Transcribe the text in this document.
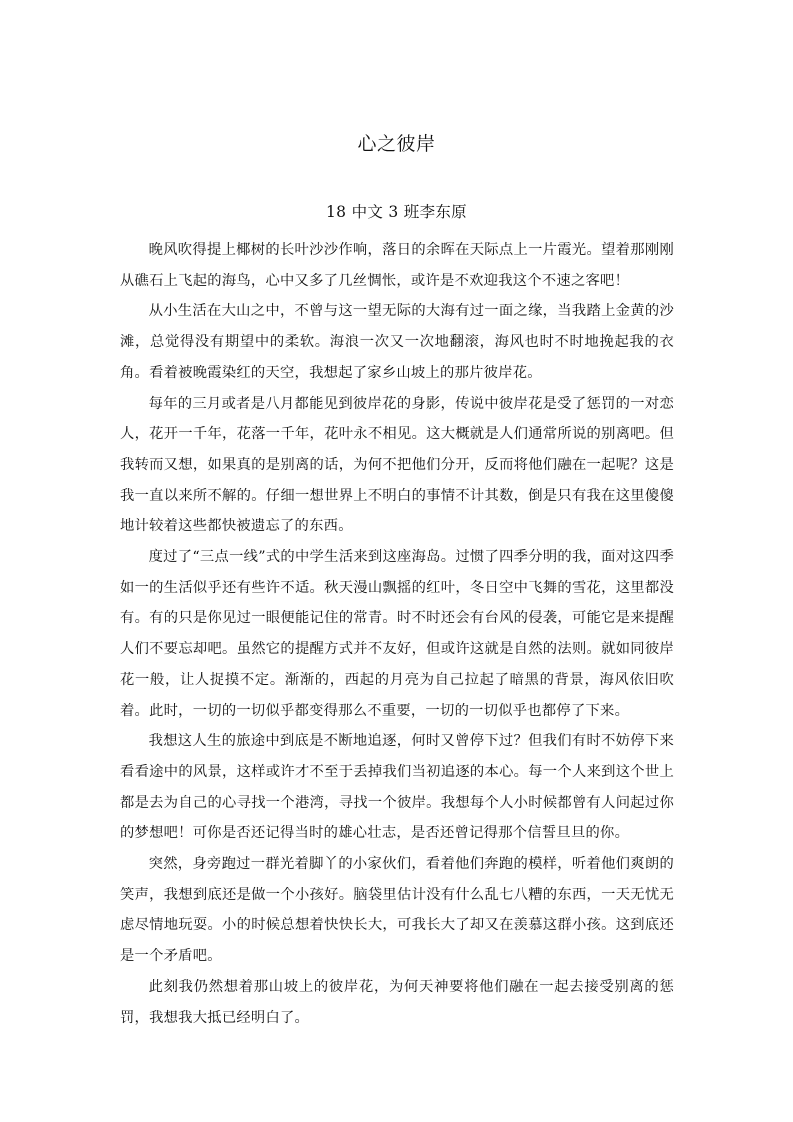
心之彼岸
18 中文 3 班李东原

晚风吹得提上椰树的长叶沙沙作响，落日的余晖在天际点上一片霞光。望着那刚刚从礁石上飞起的海鸟，心中又多了几丝惆怅，或许是不欢迎我这个不速之客吧！

从小生活在大山之中，不曾与这一望无际的大海有过一面之缘，当我踏上金黄的沙滩，总觉得没有期望中的柔软。海浪一次又一次地翻滚，海风也时不时地挽起我的衣角。看着被晚霞染红的天空，我想起了家乡山坡上的那片彼岸花。

每年的三月或者是八月都能见到彼岸花的身影，传说中彼岸花是受了惩罚的一对恋人，花开一千年，花落一千年，花叶永不相见。这大概就是人们通常所说的别离吧。但我转而又想，如果真的是别离的话，为何不把他们分开，反而将他们融在一起呢？这是我一直以来所不解的。仔细一想世界上不明白的事情不计其数，倒是只有我在这里傻傻地计较着这些都快被遗忘了的东西。

度过了“三点一线”式的中学生活来到这座海岛。过惯了四季分明的我，面对这四季如一的生活似乎还有些许不适。秋天漫山飘摇的红叶，冬日空中飞舞的雪花，这里都没有。有的只是你见过一眼便能记住的常青。时不时还会有台风的侵袭，可能它是来提醒人们不要忘却吧。虽然它的提醒方式并不友好，但或许这就是自然的法则。就如同彼岸花一般，让人捉摸不定。渐渐的，西起的月亮为自己拉起了暗黑的背景，海风依旧吹着。此时，一切的一切似乎都变得那么不重要，一切的一切似乎也都停了下来。

我想这人生的旅途中到底是不断地追逐，何时又曾停下过？但我们有时不妨停下来看看途中的风景，这样或许才不至于丢掉我们当初追逐的本心。每一个人来到这个世上都是去为自己的心寻找一个港湾，寻找一个彼岸。我想每个人小时候都曾有人问起过你的梦想吧！可你是否还记得当时的雄心壮志，是否还曾记得那个信誓旦旦的你。

突然，身旁跑过一群光着脚丫的小家伙们，看着他们奔跑的模样，听着他们爽朗的笑声，我想到底还是做一个小孩好。脑袋里估计没有什么乱七八糟的东西，一天无忧无虑尽情地玩耍。小的时候总想着快快长大，可我长大了却又在羡慕这群小孩。这到底还是一个矛盾吧。

此刻我仍然想着那山坡上的彼岸花，为何天神要将他们融在一起去接受别离的惩罚，我想我大抵已经明白了。
